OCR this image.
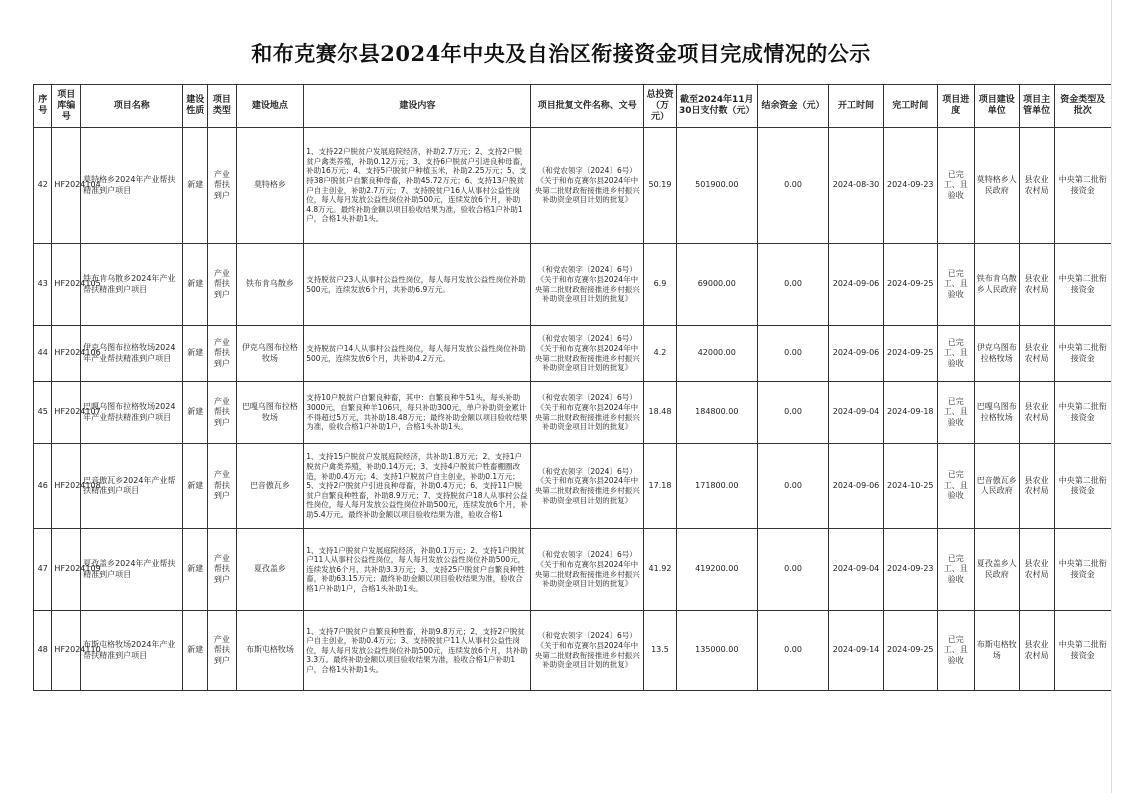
和布克赛尔县2024年中央及自治区衔接资金项目完成情况的公示
序号	项目库编号	项目名称	建设性质	项目类型	建设地点	建设内容	项目批复文件名称、文号	总投资（万元）	截至2024年11月30日支付数（元）	结余资金（元）	开工时间	完工时间	项目进度	项目建设单位	项目主管单位	资金类型及批次
42	HF2024104	莫特格乡2024年产业帮扶精准到户项目	新建	产业帮扶到户	莫特格乡	1、支持22户脱贫户发展庭院经济，补助2.7万元；2、支持2户脱贫户禽类养殖，补助0.12万元；3、支持6户脱贫户引进良种母畜，补助16万元；4、支持5户脱贫户种植玉米，补助2.25万元；5、支持38户脱贫户自繁良种母畜，补助45.72万元；6、支持13户脱贫户自主创业，补助2.7万元；7、支持脱贫户16人从事村公益性岗位，每人每月发放公益性岗位补助500元，连续发放6个月，补助4.8万元。最终补助金额以项目验收结果为准，验收合格1户补助1户，合格1头补助1头。	（和党农领字〔2024〕6号）《关于和布克赛尔县2024年中央第二批财政衔接推进乡村振兴补助资金项目计划的批复》	50.19	501900.00	0.00	2024-08-30	2024-09-23	已完工、且验收	莫特格乡人民政府	县农业农村局	中央第二批衔接资金
43	HF2024105	铁布肯乌散乡2024年产业帮扶精准到户项目	新建	产业帮扶到户	铁布肯乌散乡	支持脱贫户23人从事村公益性岗位，每人每月发放公益性岗位补助500元，连续发放6个月，共补助6.9万元。	（和党农领字〔2024〕6号）《关于和布克赛尔县2024年中央第二批财政衔接推进乡村振兴补助资金项目计划的批复》	6.9	69000.00	0.00	2024-09-06	2024-09-25	已完工、且验收	铁布肯乌散乡人民政府	县农业农村局	中央第二批衔接资金
44	HF2024106	伊克乌图布拉格牧场2024年产业帮扶精准到户项目	新建	产业帮扶到户	伊克乌图布拉格牧场	支持脱贫户14人从事村公益性岗位，每人每月发放公益性岗位补助500元，连续发放6个月，共补助4.2万元。	（和党农领字〔2024〕6号）《关于和布克赛尔县2024年中央第二批财政衔接推进乡村振兴补助资金项目计划的批复》	4.2	42000.00	0.00	2024-09-06	2024-09-25	已完工、且验收	伊克乌图布拉格牧场	县农业农村局	中央第二批衔接资金
45	HF2024107	巴嘎乌图布拉格牧场2024年产业帮扶精准到户项目	新建	产业帮扶到户	巴嘎乌图布拉格牧场	支持10户脱贫户自繁良种畜，其中：自繁良种牛51头，每头补助3000元，自繁良种羊106只，每只补助300元，单户补助资金累计不得超过5万元，共补助18.48万元；最终补助金额以项目验收结果为准，验收合格1户补助1户，合格1头补助1头。	（和党农领字〔2024〕6号）《关于和布克赛尔县2024年中央第二批财政衔接推进乡村振兴补助资金项目计划的批复》	18.48	184800.00	0.00	2024-09-04	2024-09-18	已完工、且验收	巴嘎乌图布拉格牧场	县农业农村局	中央第二批衔接资金
46	HF2024108	巴音傲瓦乡2024年产业帮扶精准到户项目	新建	产业帮扶到户	巴音傲瓦乡	1、支持15户脱贫户发展庭院经济，共补助1.8万元；2、支持1户脱贫户禽类养殖，补助0.14万元；3、支持4户脱贫户牲畜棚圈改造，补助0.4万元；4、支持1户脱贫户自主创业，补助0.1万元；5、支持2户脱贫户引进良种母畜，补助0.4万元；6、支持11户脱贫户自繁良种牲畜，补助8.9万元；7、支持脱贫户18人从事村公益性岗位，每人每月发放公益性岗位补助500元，连续发放6个月，补助5.4万元。最终补助金额以项目验收结果为准，验收合格1	（和党农领字〔2024〕6号）《关于和布克赛尔县2024年中央第二批财政衔接推进乡村振兴补助资金项目计划的批复》	17.18	171800.00	0.00	2024-09-06	2024-10-25	已完工、且验收	巴音傲瓦乡人民政府	县农业农村局	中央第二批衔接资金
47	HF2024109	夏孜盖乡2024年产业帮扶精准到户项目	新建	产业帮扶到户	夏孜盖乡	1、支持1户脱贫户发展庭院经济，补助0.1万元；2、支持1户脱贫户11人从事村公益性岗位，每人每月发放公益性岗位补助500元，连续发放6个月，共补助3.3万元；3、支持25户脱贫户自繁良种牲畜，补助63.15万元；最终补助金额以项目验收结果为准，验收合格1户补助1户，合格1头补助1头。	（和党农领字〔2024〕6号）《关于和布克赛尔县2024年中央第二批财政衔接推进乡村振兴补助资金项目计划的批复》	41.92	419200.00	0.00	2024-09-04	2024-09-23	已完工、且验收	夏孜盖乡人民政府	县农业农村局	中央第二批衔接资金
48	HF2024110	布斯屯格牧场2024年产业帮扶精准到户项目	新建	产业帮扶到户	布斯屯格牧场	1、支持7户脱贫户自繁良种牲畜，补助9.8万元；2、支持2户脱贫户自主创业，补助0.4万元；3、支持脱贫户11人从事村公益性岗位，每人每月发放公益性岗位补助500元，连续发放6个月，共补助3.3万。最终补助金额以项目验收结果为准，验收合格1户补助1户，合格1头补助1头。	（和党农领字〔2024〕6号）《关于和布克赛尔县2024年中央第二批财政衔接推进乡村振兴补助资金项目计划的批复》	13.5	135000.00	0.00	2024-09-14	2024-09-25	已完工、且验收	布斯屯格牧场	县农业农村局	中央第二批衔接资金
